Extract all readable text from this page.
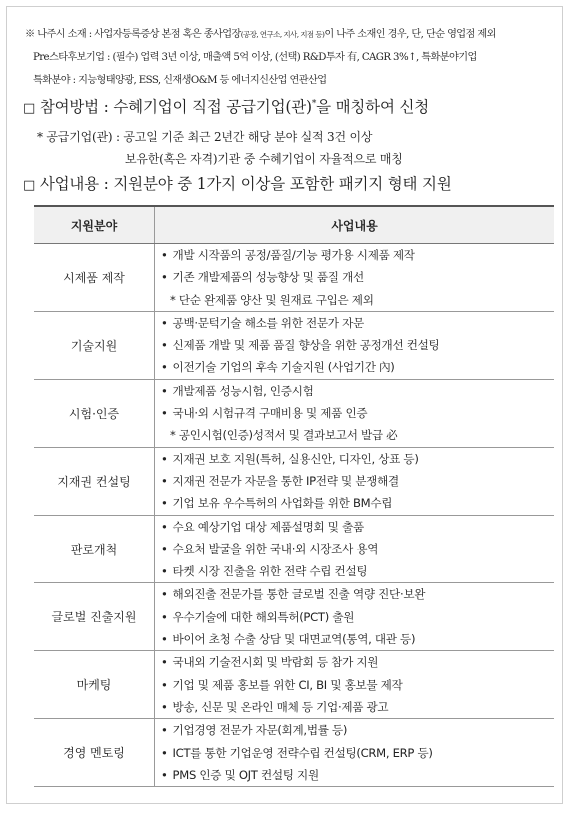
※ 나주시 소재 : 사업자등록증상 본점 혹은 종사업장(공장, 연구소, 지사, 지점 등)이 나주 소재인 경우, 단, 단순 영업점 제외
Pre스타후보기업 : (필수) 업력 3년 이상, 매출액 5억 이상, (선택) R&D투자 有, CAGR 3%↑, 특화분야기업
특화분야 : 지능형태양광, ESS, 신재생O&M 등 에너지신산업 연관산업
□ 참여방법 : 수혜기업이 직접 공급기업(관)*을 매칭하여 신청
* 공급기업(관) : 공고일 기준 최근 2년간 해당 분야 실적 3건 이상
보유한(혹은 자격)기관 중 수혜기업이 자율적으로 매칭
□ 사업내용 : 지원분야 중 1가지 이상을 포함한 패키지 형태 지원
지원분야	사업내용
시제품 제작	• 개발 시작품의 공정/품질/기능 평가용 시제품 제작
• 기존 개발제품의 성능향상 및 품질 개선
* 단순 완제품 양산 및 원재료 구입은 제외

기술지원	• 공백·문턱기술 해소를 위한 전문가 자문
• 신제품 개발 및 제품 품질 향상을 위한 공정개선 컨설팅
• 이전기술 기업의 후속 기술지원 (사업기간 內)

시험·인증	• 개발제품 성능시험, 인증시험
• 국내·외 시험규격 구매비용 및 제품 인증
* 공인시험(인증)성적서 및 결과보고서 발급 必

지재권 컨설팅	• 지재권 보호 지원(특허, 실용신안, 디자인, 상표 등)
• 지재권 전문가 자문을 통한 IP전략 및 분쟁해결
• 기업 보유 우수특허의 사업화를 위한 BM수립

판로개척	• 수요 예상기업 대상 제품설명회 및 출품
• 수요처 발굴을 위한 국내·외 시장조사 용역
• 타켓 시장 진출을 위한 전략 수립 컨설팅

글로벌 진출지원	• 해외진출 전문가를 통한 글로벌 진출 역량 진단·보완
• 우수기술에 대한 해외특허(PCT) 출원
• 바이어 초청 수출 상담 및 대면교역(통역, 대관 등)

마케팅	• 국내외 기술전시회 및 박람회 등 참가 지원
• 기업 및 제품 홍보를 위한 CI, BI 및 홍보물 제작
• 방송, 신문 및 온라인 매체 등 기업·제품 광고

경영 멘토링	• 기업경영 전문가 자문(회계,법률 등)
• ICT를 통한 기업운영 전략수립 컨설팅(CRM, ERP 등)
• PMS 인증 및 OJT 컨설팅 지원
